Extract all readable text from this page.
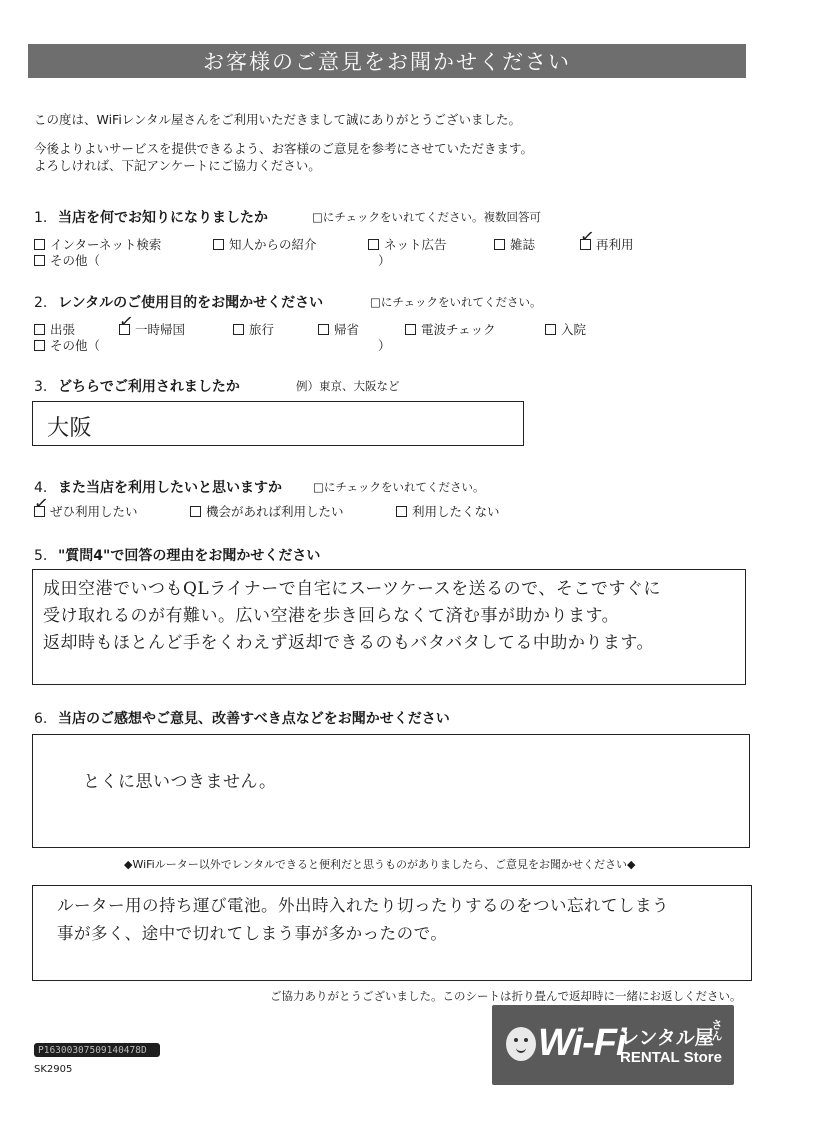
お客様のご意見をお聞かせください
この度は、WiFiレンタル屋さんをご利用いただきまして誠にありがとうございました。
今後よりよいサービスを提供できるよう、お客様のご意見を参考にさせていただきます。
よろしければ、下記アンケートにご協力ください。
1. 当店を何でお知りになりましたか	□にチェックをいれてください。複数回答可
インターネット検索	知人からの紹介	ネット広告	雑誌	✓ 再利用
その他（	）
2. レンタルのご使用目的をお聞かせください	□にチェックをいれてください。
出張	✓ 一時帰国	旅行	帰省	電波チェック	入院
その他（	）
3. どちらでご利用されましたか	例）東京、大阪など
大阪
4. また当店を利用したいと思いますか	□にチェックをいれてください。
✓ ぜひ利用したい	機会があれば利用したい	利用したくない
5. "質問4"で回答の理由をお聞かせください
成田空港でいつもQLライナーで自宅にスーツケースを送るので、そこですぐに
受け取れるのが有難い。広い空港を歩き回らなくて済む事が助かります。
返却時もほとんど手をくわえず返却できるのもバタバタしてる中助かります。
6. 当店のご感想やご意見、改善すべき点などをお聞かせください
とくに思いつきません。
◆WiFiルーター以外でレンタルできると便利だと思うものがありましたら、ご意見をお聞かせください◆
ルーター用の持ち運び電池。外出時入れたり切ったりするのをつい忘れてしまう
事が多く、途中で切れてしまう事が多かったので。
ご協力ありがとうございました。このシートは折り畳んで返却時に一緒にお返しください。
Wi-Fi
レンタル屋
さん
RENTAL Store
P16300307509140478D
SK2905
